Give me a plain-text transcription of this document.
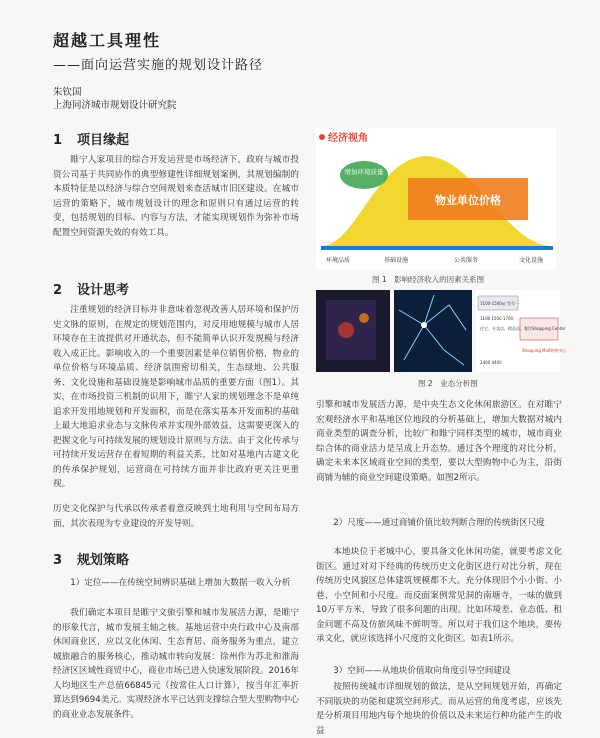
超越工具理性
——面向运营实施的规划设计路径
朱钦国
上海同济城市规划设计研究院
1 项目缘起
睢宁人家项目的综合开发运营是市场经济下，政府与城市投资公司基于共同协作的典型修建性详细规划案例，其规划编制的本质特征是以经济与综合空间规划来查活城市旧区建设。在城市运营的策略下，城市规划设计的理念和原则只有通过运营的转变，包括规划的目标、内容与方法，才能实现规划作为弥补市场配置空间资源失效的有效工具。
2 设计思考
注重规划的经济目标并非意味着忽视改善人居环境和保护历史文脉的原则，在规定的规划范围内，对反用地规模与城市人居环境存在主流提供对开通状态，但不能简单认识开发规模与经济收入成正比。影响收入的一个重要因素是单位销售价格，物业的单位价格与环境品质、经济氛围密切相关，生态绿地、公共服务、文化设施和基础设施是影响城市品质的重要方面（图1）。其实，在市场投资三机制的识用下，睢宁人家的规划理念不是单纯追求开发用地规划和开发面积，而是在落实基本开发面积的基础上最大地追求业态与文脉传承并实现外部效益，这需要更深入的把握文化与可持续发展的规划设计原则与方法。由于文化传承与可持续开发运营存在着短期的利益关系，比如对基地内古建文化的传承保护规划，运营商在可持续方面并非比政府更关注更重视。
历史文化保护与代承以传承者着意反映到土地利用与空间布局方面，其次表现为专业建设的开发导则。
3 规划策略
1）定位——在传统空间辨识基础上增加大数据一收入分析
我们确定本项目是睢宁文旅引擎和城市发展活力源，是睢宁的形象代言，城市发展主轴之核。基地运营中央行政中心及南部休闲商业区，应以文化休闲、生态育居、商务服务为重点，建立城旅融合的服务核心，推动城市转向发展：徐州作为苏北和淮海经济区区域性商贸中心，商业市场已进入快速发展阶段。2016年人均地区生产总值66845元（按常住人口计算），按当年汇率折算达到9694美元。实现经济水平已达到支撑综合型大型购物中心的商业业态发展条件。
经济视角
增加环境质量
物业单位价格
环境品质	基础设施	公共服务	文化设施
图 1　影响经济收入的因素关系图
1100-1500㎡ 型号一
1100 1500 1700
住宅、专卖店、精品店、餐饮Shopping Center
Shopping Mall购物中心
2400 4400
图 2　业态分析图
引擎和城市发展活力源，是中央生态文化休闲旅游区。在对睢宁宏观经济水平和基地区位地段的分析基础上，增加大数据对城内商业类型的调查分析，比较广和睢宁同样类型的城市，城市商业综合体的商业活力是呈成上升态势。通过各个理度的对比分析，确定未来本区域商业空间的类型，要以大型购物中心为主，沿街商铺为辅的商业空间建设策略。如图2所示。
2）尺度——通过商铺价值比较判断合理的传统街区尺度
本地块位于老城中心，要具备文化休闲功能，就要考虑文化街区。通过对对下经典的传统历史文化街区进行对比分析，现在传统历史风貌区总体建筑规模都不大。充分体现旧个小小街、小巷、小空间和小尺度。而反面案例常见洞的南塘寺，一味的做到10万平方米，导致了很多问题的出现。比如环境差、业态低、租金问题不高及仿旅风味不鲜明等。所以对于我们这个地块，要传承文化，就应该选择小尺度的文化街区。如表1所示。
3）空间——从地块价值取向角度引导空间建设
按照传统城市详细规划的做法，是从空间规划开始，再确定不同版块的功能和建筑空间形式。而从运营的角度考虑，应该先是分析项目用地内每个地块的价值以及未来运行种功能产生的收益
